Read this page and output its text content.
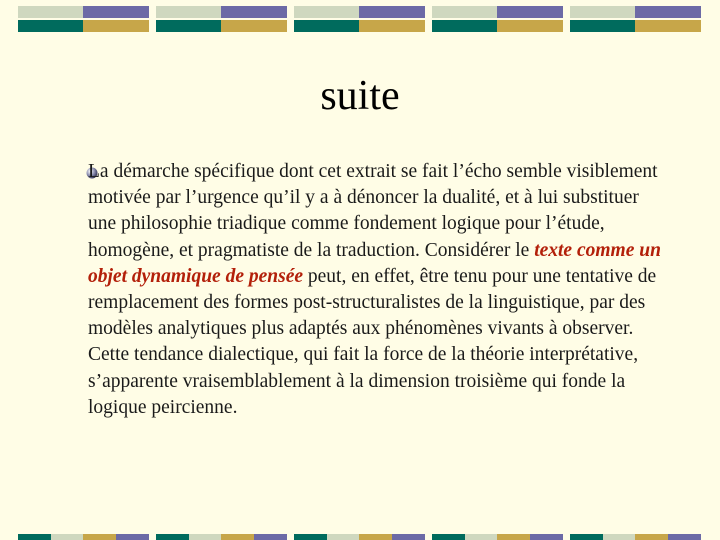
suite
La démarche spécifique dont cet extrait se fait l’écho semble visiblement motivée par l’urgence qu’il y a à dénoncer la dualité, et à lui substituer une philosophie triadique comme fondement logique pour l’étude, homogène, et pragmatiste de la traduction. Considérer le texte comme un objet dynamique de pensée peut, en effet, être tenu pour une tentative de remplacement des formes post-structuralistes de la linguistique, par des modèles analytiques plus adaptés aux phénomènes vivants à observer. Cette tendance dialectique, qui fait la force de la théorie interprétative, s’apparente vraisemblablement à la dimension troisième qui fonde la logique peircienne.
